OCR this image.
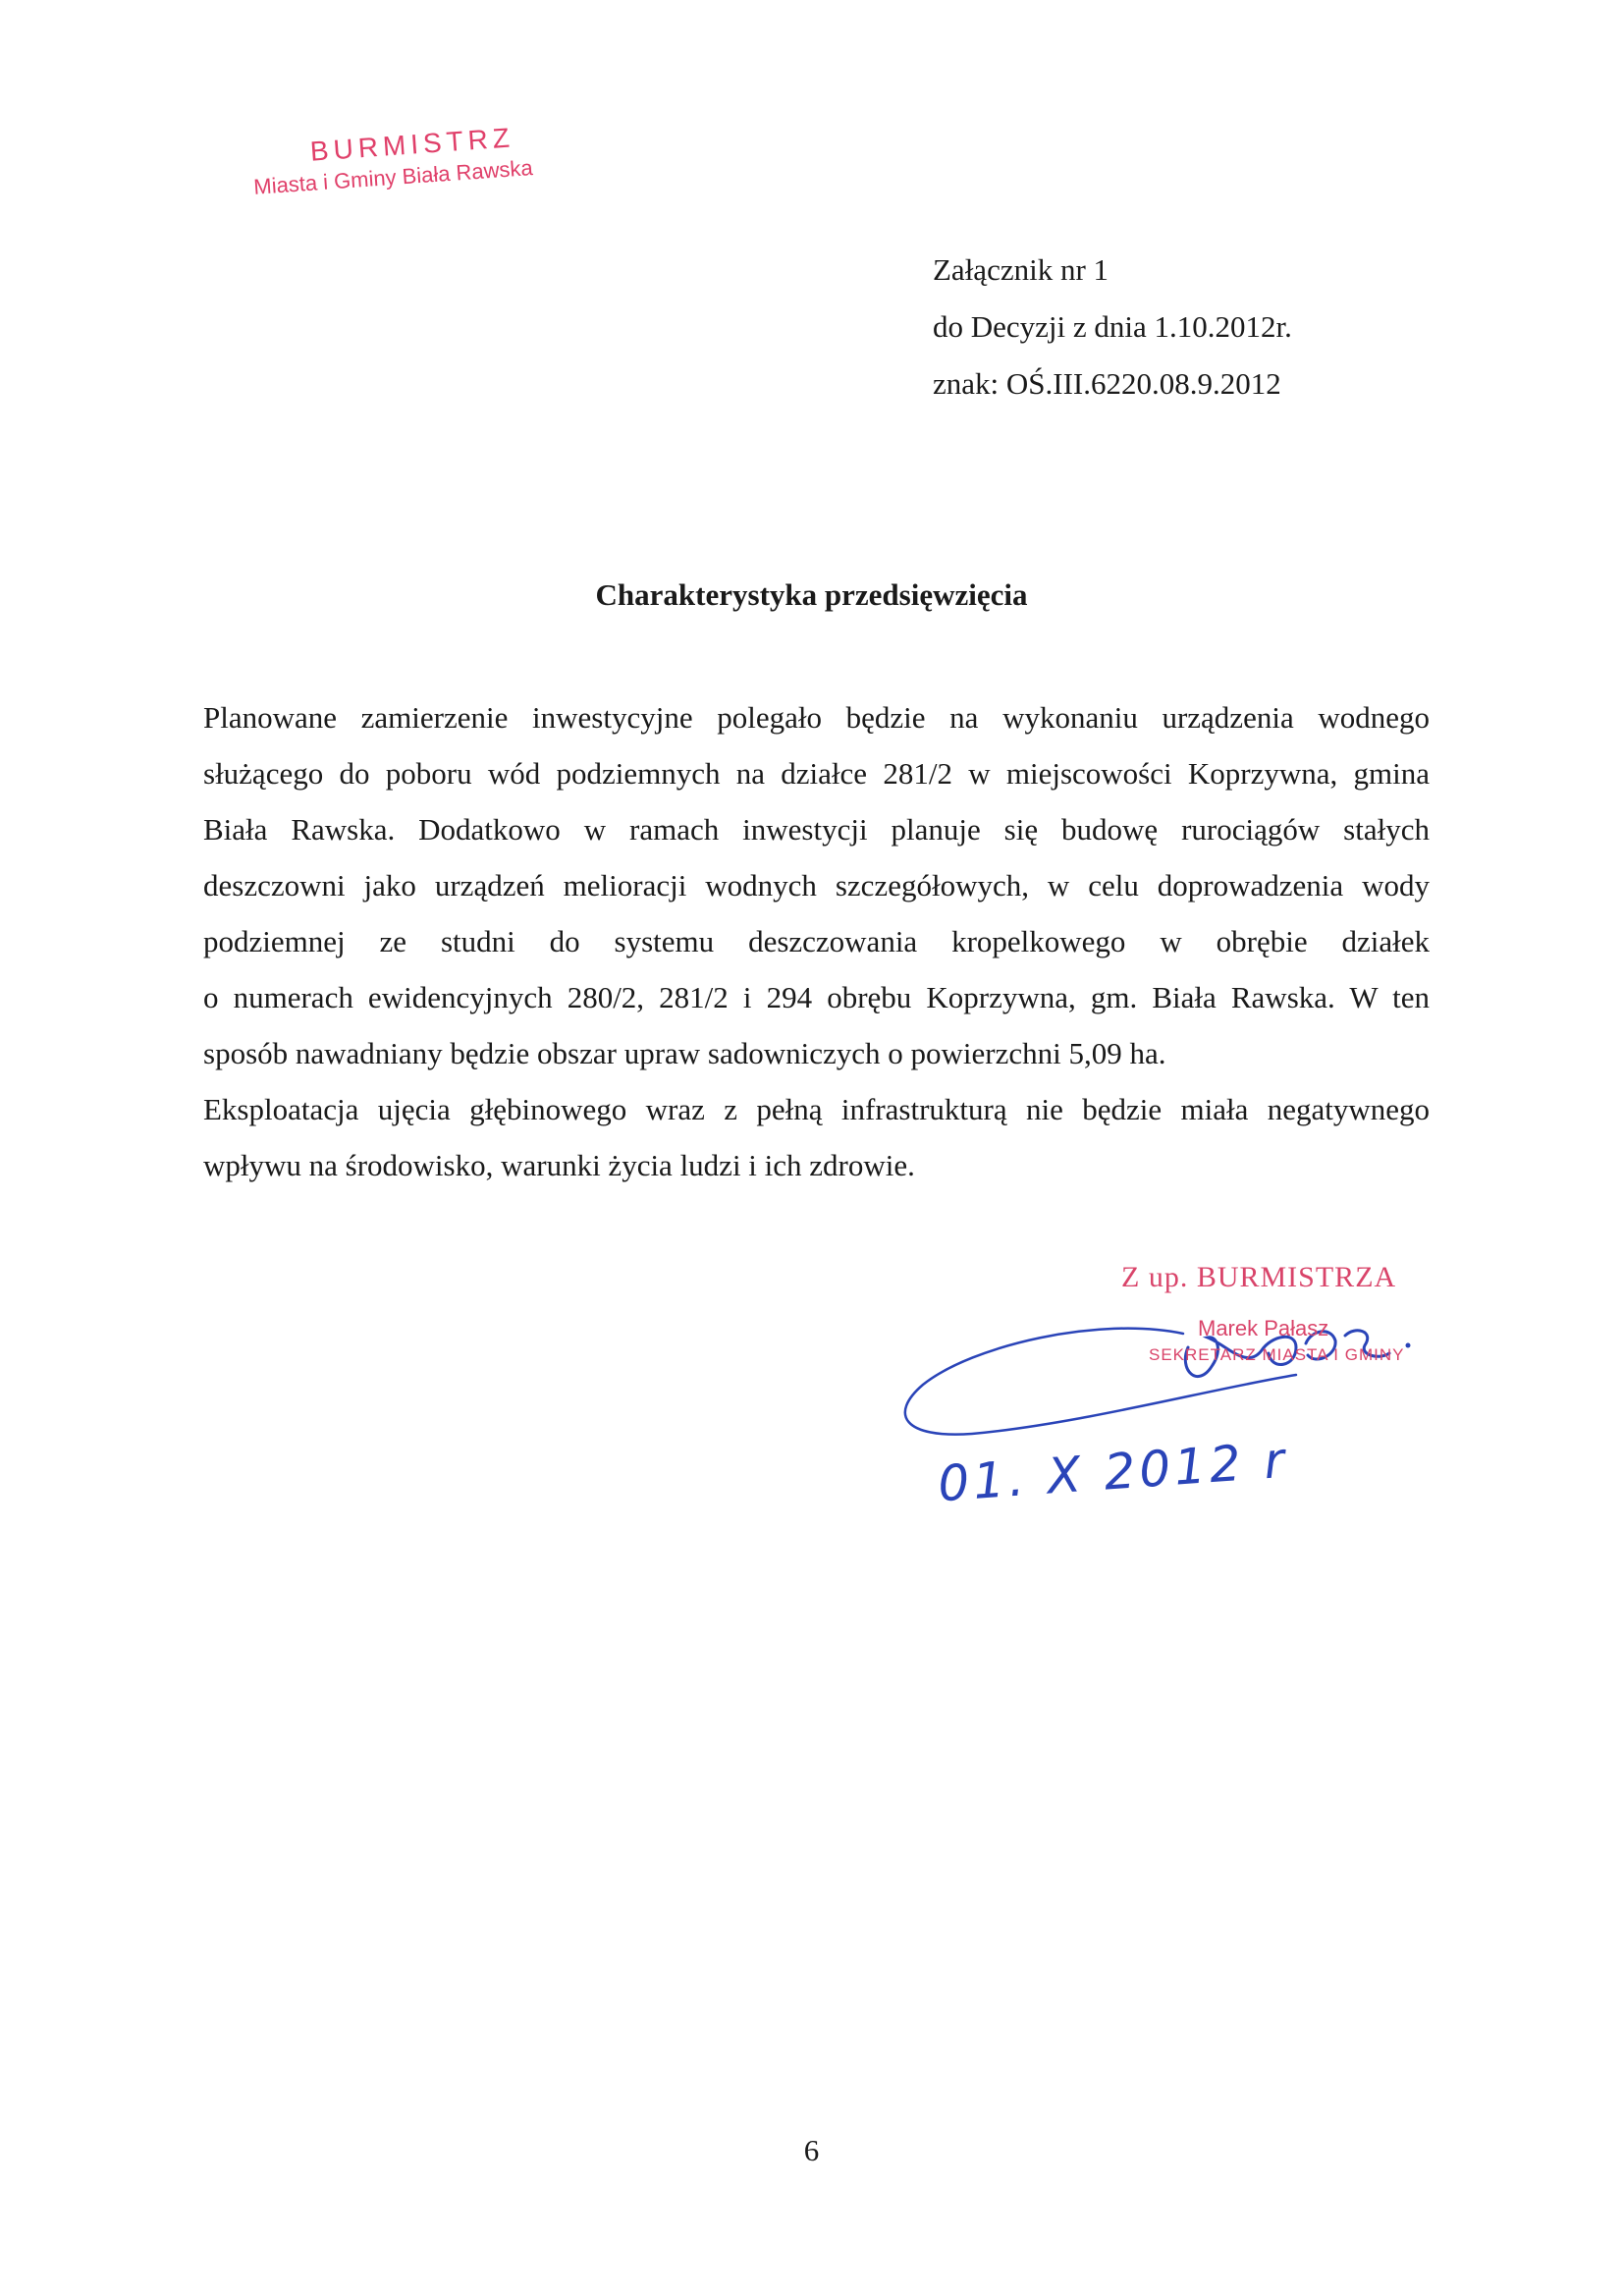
BURMISTRZ
Miasta i Gminy Biała Rawska
Załącznik nr 1
do Decyzji z dnia 1.10.2012r.
znak: OŚ.III.6220.08.9.2012
Charakterystyka przedsięwzięcia
Planowane zamierzenie inwestycyjne polegało będzie na wykonaniu urządzenia wodnego
służącego do poboru wód podziemnych na działce 281/2 w miejscowości Koprzywna, gmina
Biała Rawska. Dodatkowo w ramach inwestycji planuje się budowę rurociągów stałych
deszczowni jako urządzeń melioracji wodnych szczegółowych, w celu doprowadzenia wody
podziemnej ze studni do systemu deszczowania kropelkowego w obrębie działek
o numerach ewidencyjnych 280/2, 281/2 i 294 obrębu Koprzywna, gm. Biała Rawska. W ten
sposób nawadniany będzie obszar upraw sadowniczych o powierzchni 5,09 ha.
Eksploatacja ujęcia głębinowego wraz z pełną infrastrukturą nie będzie miała negatywnego
wpływu na środowisko, warunki życia ludzi i ich zdrowie.
Z up. BURMISTRZA
Marek Pałasz
SEKRETARZ MIASTA I GMINY
01. X 2012 r
6
